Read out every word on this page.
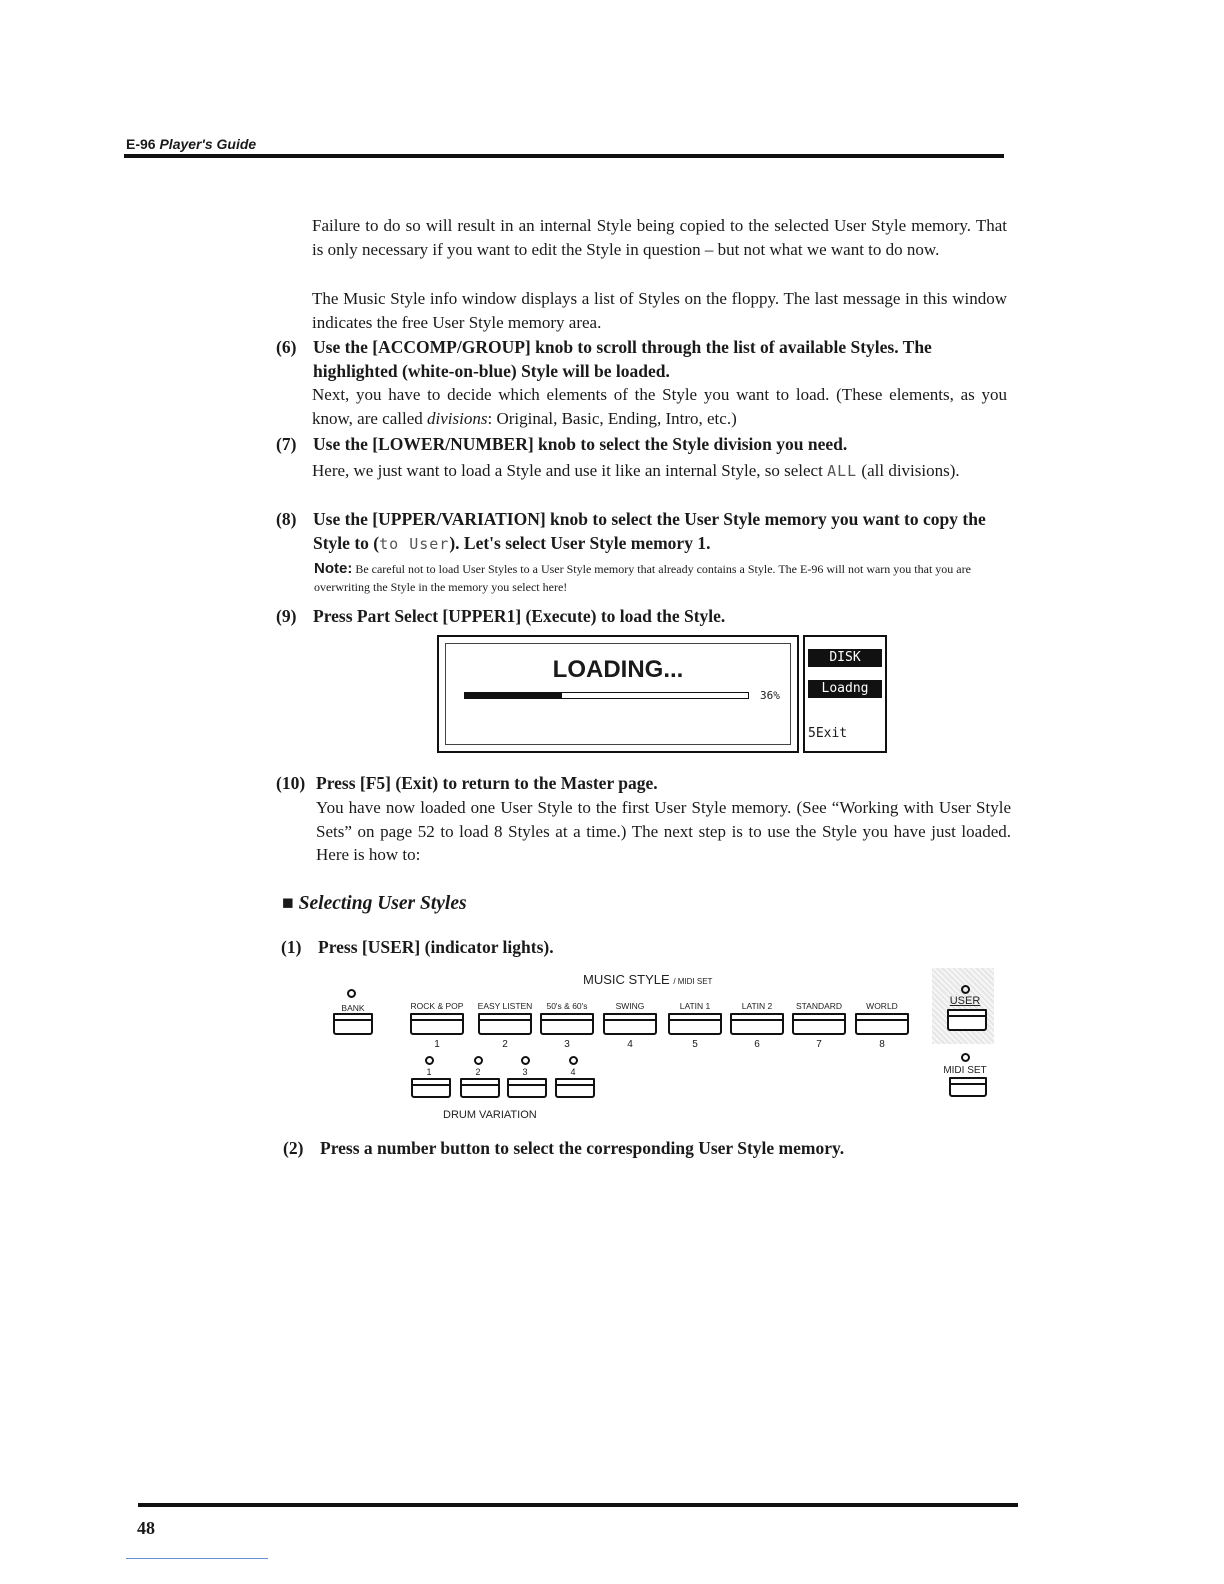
E-96 Player's Guide
Failure to do so will result in an internal Style being copied to the selected User Style memory. That is only necessary if you want to edit the Style in question – but not what we want to do now.
The Music Style info window displays a list of Styles on the floppy. The last message in this window indicates the free User Style memory area.
(6) Use the [ACCOMP/GROUP] knob to scroll through the list of available Styles. The highlighted (white-on-blue) Style will be loaded.
Next, you have to decide which elements of the Style you want to load. (These elements, as you know, are called divisions: Original, Basic, Ending, Intro, etc.)
(7) Use the [LOWER/NUMBER] knob to select the Style division you need.
Here, we just want to load a Style and use it like an internal Style, so select ALL (all divisions).
(8) Use the [UPPER/VARIATION] knob to select the User Style memory you want to copy the Style to (to User). Let's select User Style memory 1.
Note: Be careful not to load User Styles to a User Style memory that already contains a Style. The E-96 will not warn you that you are overwriting the Style in the memory you select here!
(9) Press Part Select [UPPER1] (Execute) to load the Style.
LOADING...
36%
DISK
Loadng
5Exit
(10) Press [F5] (Exit) to return to the Master page.
You have now loaded one User Style to the first User Style memory. (See “Working with User Style Sets” on page 52 to load 8 Styles at a time.) The next step is to use the Style you have just loaded. Here is how to:
■ Selecting User Styles
(1) Press [USER] (indicator lights).
MUSIC STYLE / MIDI SET
BANK
DRUM VARIATION
USER
MIDI SET
ROCK & POP
1
EASY LISTEN
2
50's & 60's
3
SWING
4
LATIN 1
5
LATIN 2
6
STANDARD
7
WORLD
8
1	2	3	4
(2) Press a number button to select the corresponding User Style memory.
48
